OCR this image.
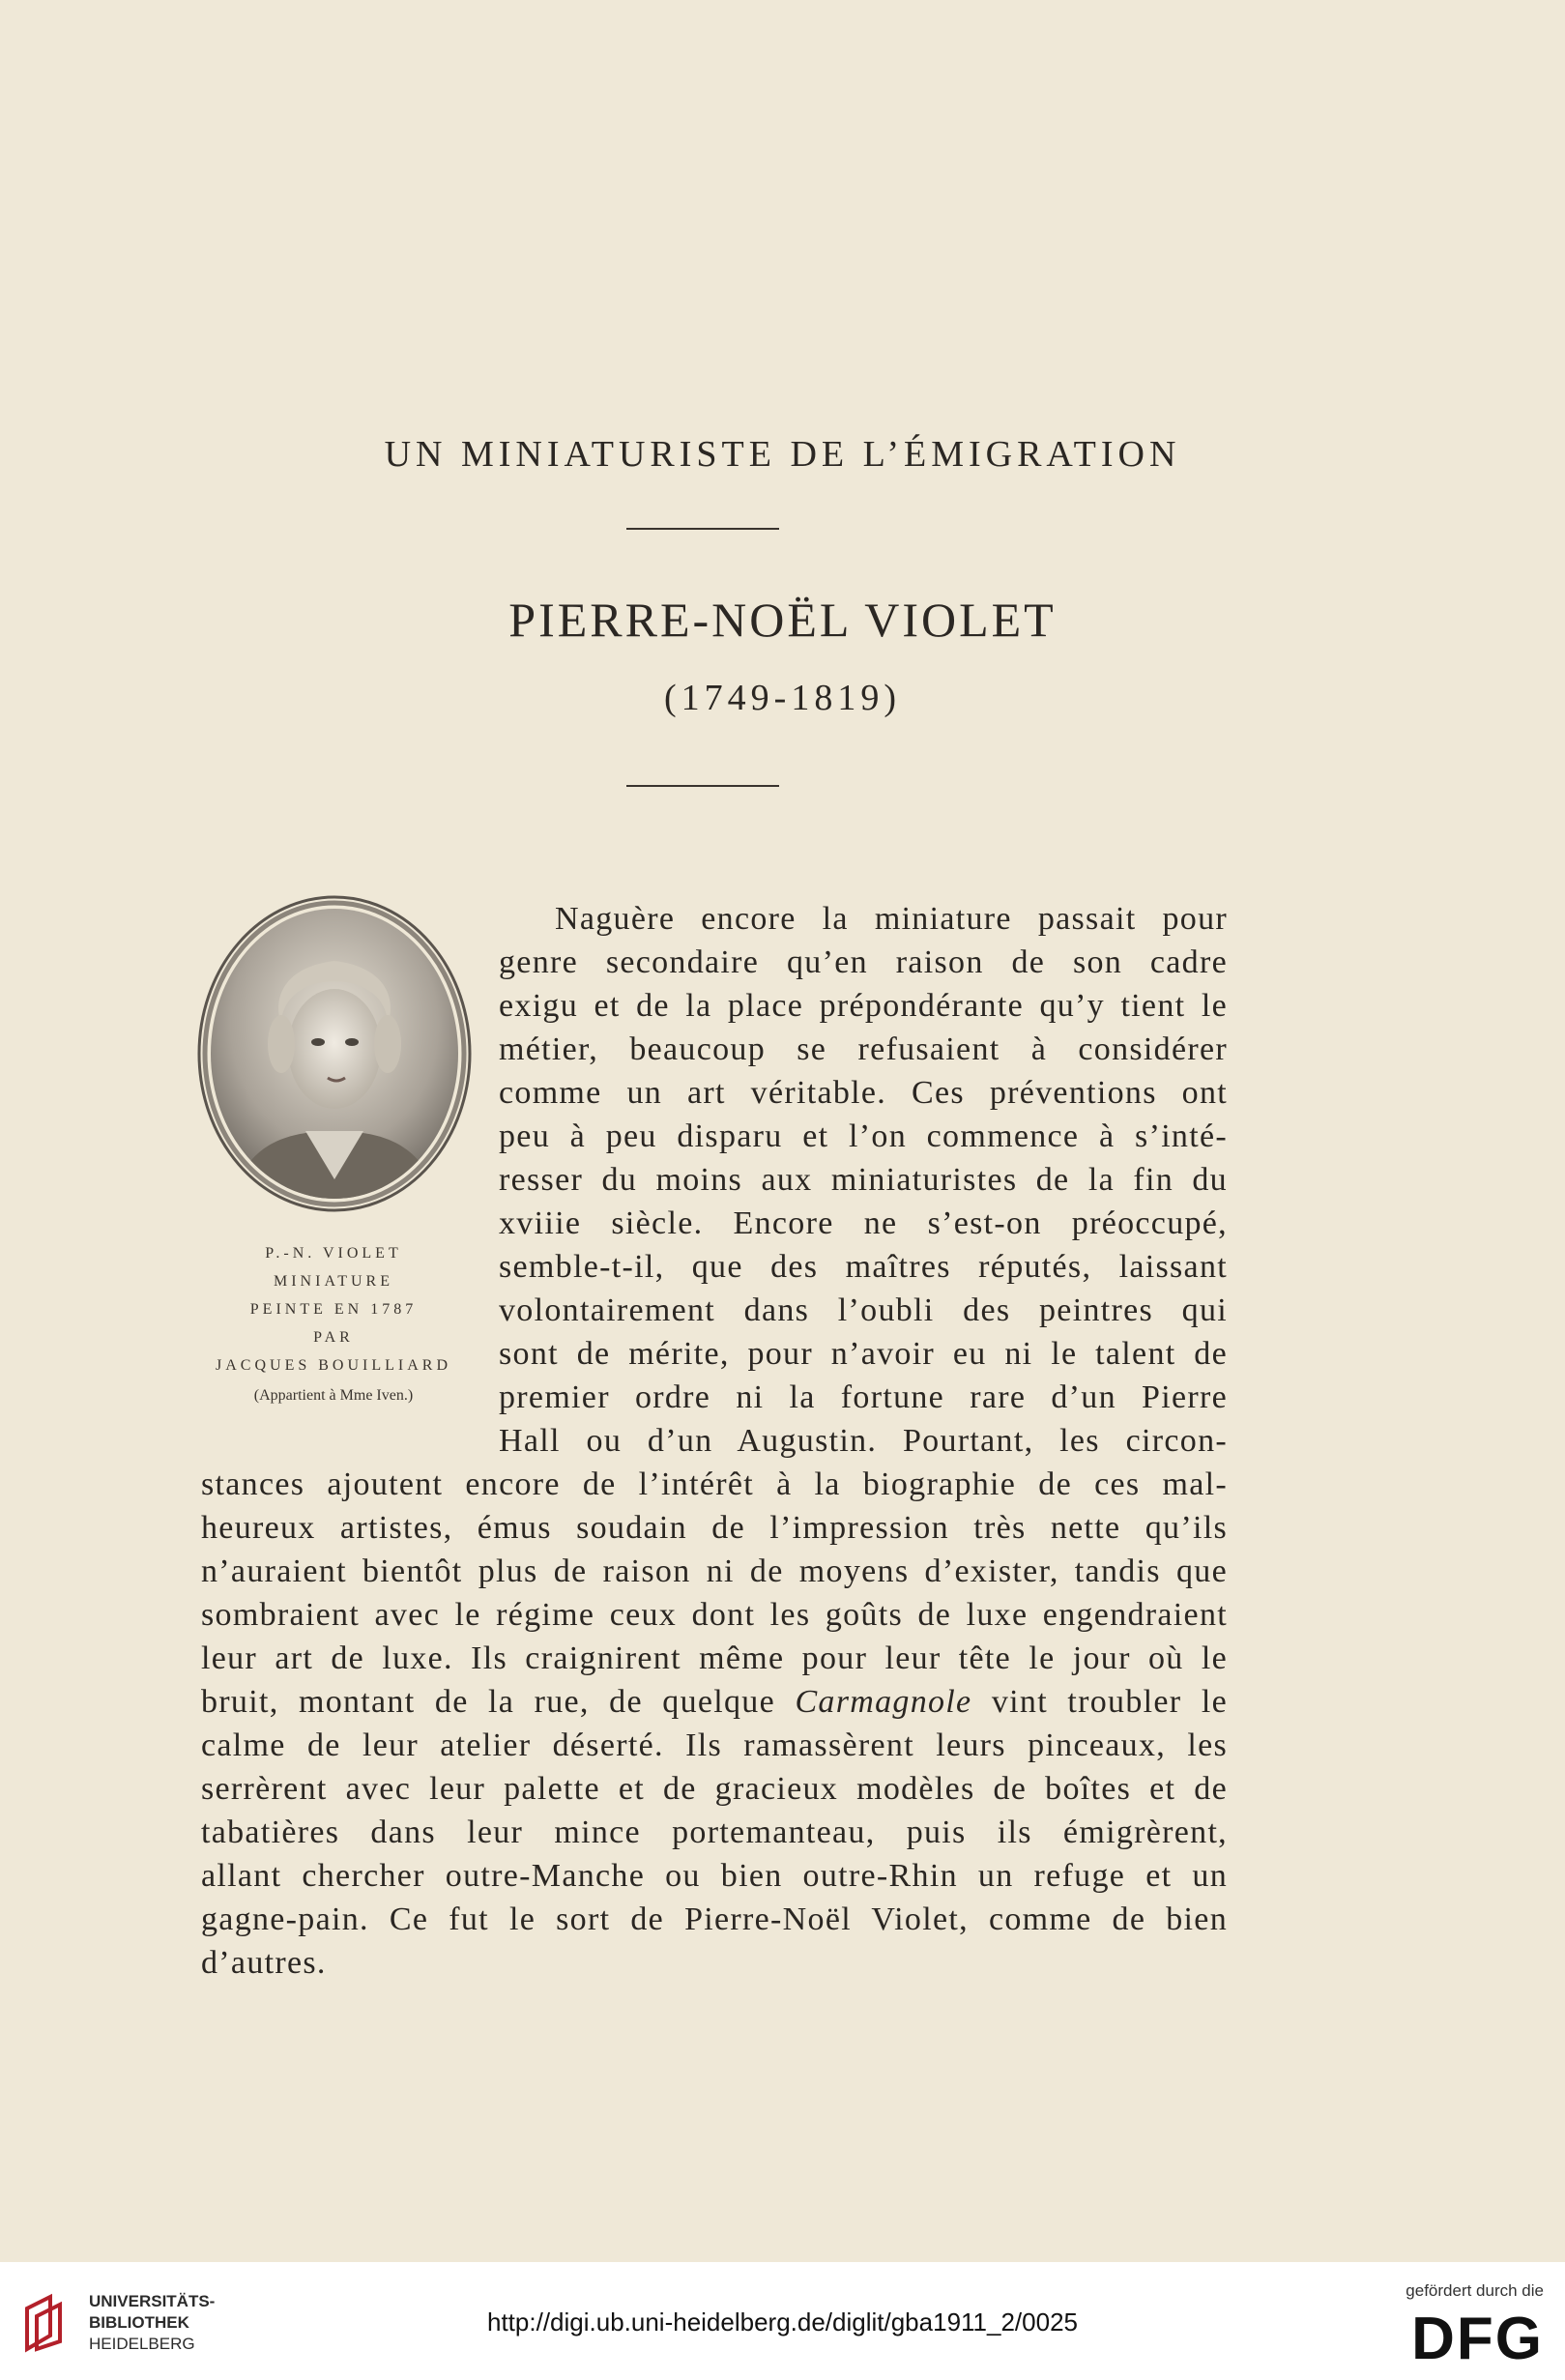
UN MINIATURISTE DE L’ÉMIGRATION
PIERRE-NOËL VIOLET
(1749-1819)
P.-N. VIOLET
MINIATURE
PEINTE EN 1787
PAR
JACQUES BOUILLIARD
(Appartient à Mme Iven.)
Naguère encore la miniature passait pour
genre secondaire qu’en raison de son cadre
exigu et de la place prépondérante qu’y tient le
métier, beaucoup se refusaient à considérer
comme un art véritable. Ces préventions ont
peu à peu disparu et l’on commence à s’inté-
resser du moins aux miniaturistes de la fin du
xviiie siècle. Encore ne s’est-on préoccupé,
semble-t-il, que des maîtres réputés, laissant
volontairement dans l’oubli des peintres qui
sont de mérite, pour n’avoir eu ni le talent de
premier ordre ni la fortune rare d’un Pierre
Hall ou d’un Augustin. Pourtant, les circon-
stances ajoutent encore de l’intérêt à la biographie de ces mal-
heureux artistes, émus soudain de l’impression très nette qu’ils
n’auraient bientôt plus de raison ni de moyens d’exister, tandis que
sombraient avec le régime ceux dont les goûts de luxe engendraient
leur art de luxe. Ils craignirent même pour leur tête le jour où le
bruit, montant de la rue, de quelque Carmagnole vint troubler le
calme de leur atelier déserté. Ils ramassèrent leurs pinceaux, les
serrèrent avec leur palette et de gracieux modèles de boîtes et de
tabatières dans leur mince portemanteau, puis ils émigrèrent,
allant chercher outre-Manche ou bien outre-Rhin un refuge et un
gagne-pain. Ce fut le sort de Pierre-Noël Violet, comme de bien
d’autres.
UNIVERSITÄTS-
BIBLIOTHEK
HEIDELBERG
http://digi.ub.uni-heidelberg.de/diglit/gba1911_2/0025
gefördert durch die
DFG
